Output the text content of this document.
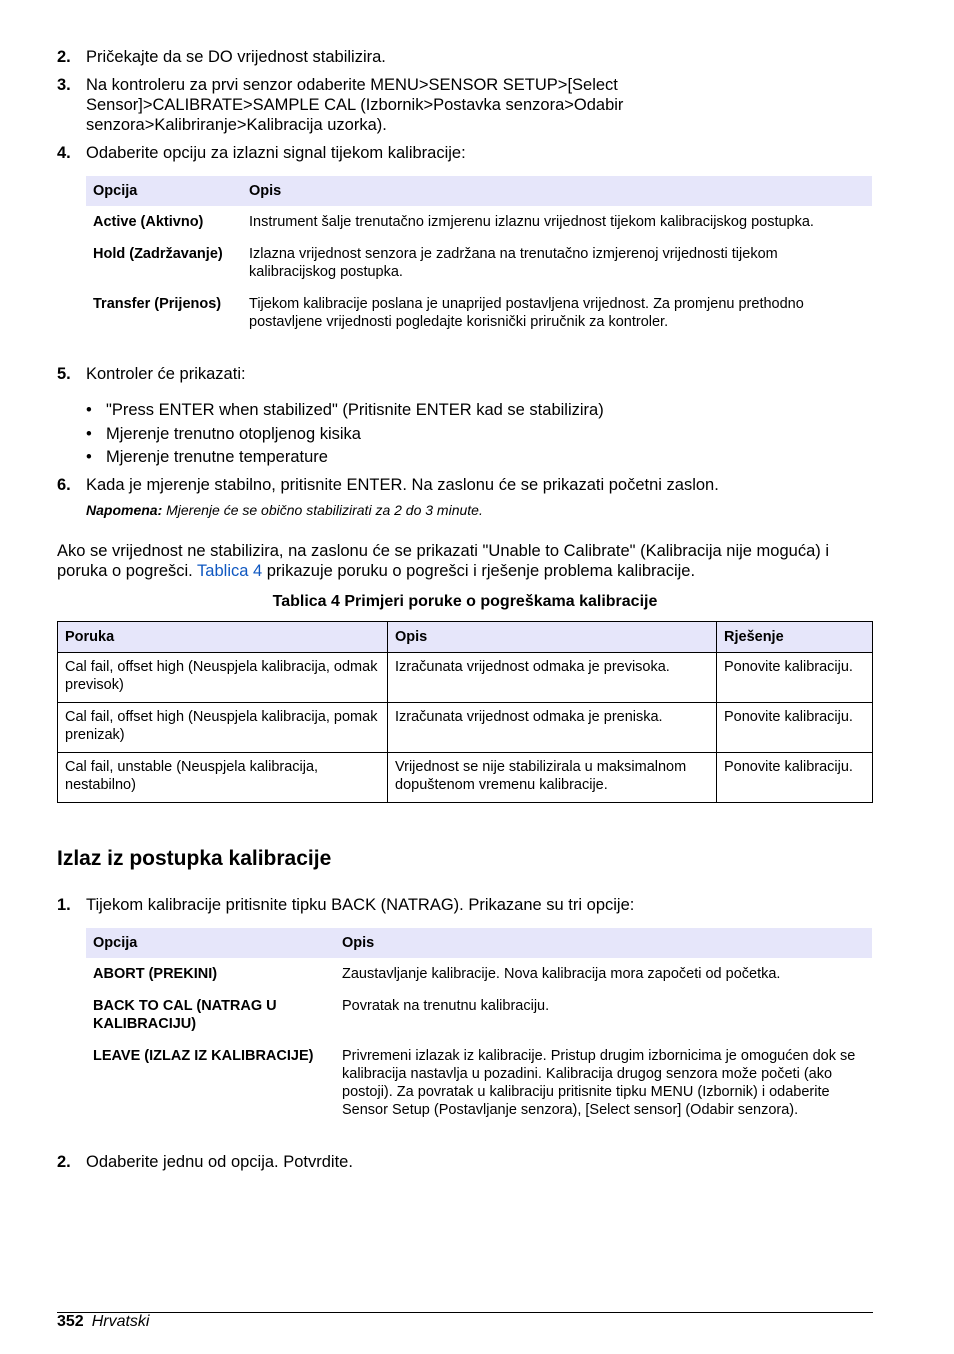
2. Pričekajte da se DO vrijednost stabilizira.
3. Na kontroleru za prvi senzor odaberite MENU>SENSOR SETUP>[Select Sensor]>CALIBRATE>SAMPLE CAL (Izbornik>Postavka senzora>Odabir senzora>Kalibriranje>Kalibracija uzorka).
4. Odaberite opciju za izlazni signal tijekom kalibracije:
Opcija	Opis
Active (Aktivno)	Instrument šalje trenutačno izmjerenu izlaznu vrijednost tijekom kalibracijskog postupka.
Hold (Zadržavanje)	Izlazna vrijednost senzora je zadržana na trenutačno izmjerenoj vrijednosti tijekom kalibracijskog postupka.
Transfer (Prijenos)	Tijekom kalibracije poslana je unaprijed postavljena vrijednost. Za promjenu prethodno postavljene vrijednosti pogledajte korisnički priručnik za kontroler.
5. Kontroler će prikazati:
• "Press ENTER when stabilized" (Pritisnite ENTER kad se stabilizira)
• Mjerenje trenutno otopljenog kisika
• Mjerenje trenutne temperature
6. Kada je mjerenje stabilno, pritisnite ENTER. Na zaslonu će se prikazati početni zaslon.
Napomena: Mjerenje će se obično stabilizirati za 2 do 3 minute.
Ako se vrijednost ne stabilizira, na zaslonu će se prikazati "Unable to Calibrate" (Kalibracija nije moguća) i poruka o pogrešci. Tablica 4 prikazuje poruku o pogrešci i rješenje problema kalibracije.
Tablica 4 Primjeri poruke o pogreškama kalibracije
Poruka	Opis	Rješenje
Cal fail, offset high (Neuspjela kalibracija, odmak previsok)	Izračunata vrijednost odmaka je previsoka.	Ponovite kalibraciju.
Cal fail, offset high (Neuspjela kalibracija, pomak prenizak)	Izračunata vrijednost odmaka je preniska.	Ponovite kalibraciju.
Cal fail, unstable (Neuspjela kalibracija, nestabilno)	Vrijednost se nije stabilizirala u maksimalnom dopuštenom vremenu kalibracije.	Ponovite kalibraciju.
Izlaz iz postupka kalibracije
1. Tijekom kalibracije pritisnite tipku BACK (NATRAG). Prikazane su tri opcije:
Opcija	Opis
ABORT (PREKINI)	Zaustavljanje kalibracije. Nova kalibracija mora započeti od početka.
BACK TO CAL (NATRAG U KALIBRACIJU)	Povratak na trenutnu kalibraciju.
LEAVE (IZLAZ IZ KALIBRACIJE)	Privremeni izlazak iz kalibracije. Pristup drugim izbornicima je omogućen dok se kalibracija nastavlja u pozadini. Kalibracija drugog senzora može početi (ako postoji). Za povratak u kalibraciju pritisnite tipku MENU (Izbornik) i odaberite Sensor Setup (Postavljanje senzora), [Select sensor] (Odabir senzora).
2. Odaberite jednu od opcija. Potvrdite.
352 Hrvatski
